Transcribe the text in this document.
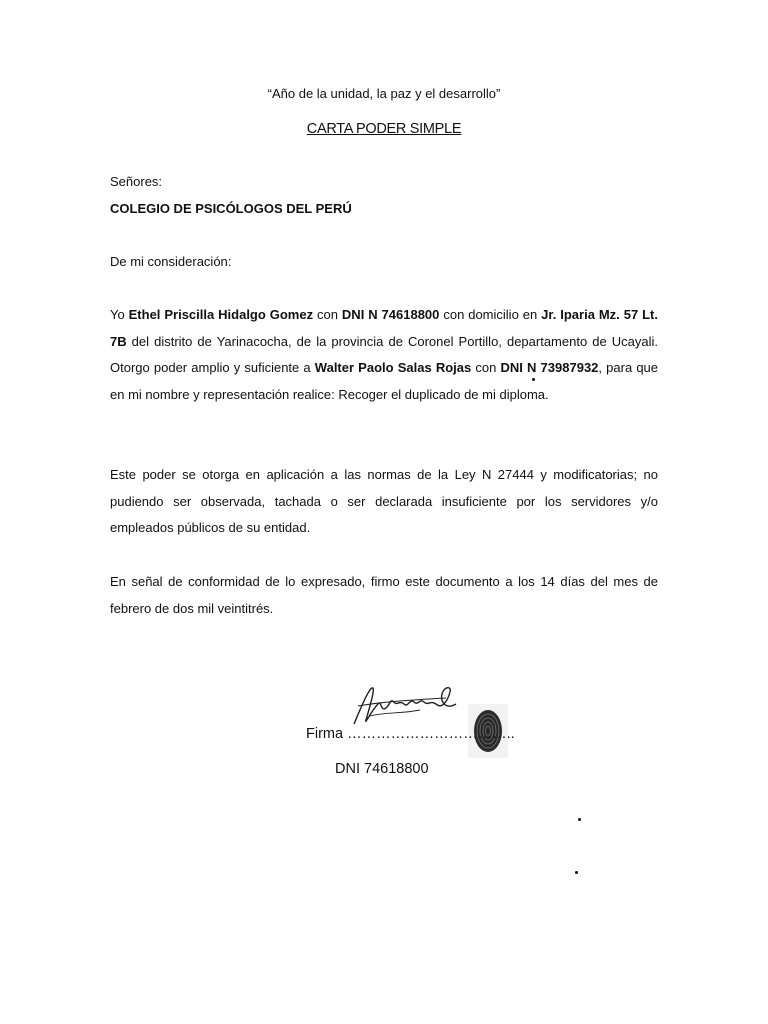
“Año de la unidad, la paz y el desarrollo”
CARTA PODER SIMPLE
Señores:
COLEGIO DE PSICÓLOGOS DEL PERÚ
De mi consideración:
Yo Ethel Priscilla Hidalgo Gomez con DNI N 74618800 con domicilio en Jr. Iparia Mz. 57 Lt. 7B del distrito de Yarinacocha, de la provincia de Coronel Portillo, departamento de Ucayali. Otorgo poder amplio y suficiente a Walter Paolo Salas Rojas con DNI N 73987932, para que en mi nombre y representación realice: Recoger el duplicado de mi diploma.
Este poder se otorga en aplicación a las normas de la Ley N 27444 y modificatorias; no pudiendo ser observada, tachada o ser declarada insuficiente por los servidores y/o empleados públicos de su entidad.
En señal de conformidad de lo expresado, firmo este documento a los 14 días del mes de febrero de dos mil veintitrés.
Firma ……………………………..
DNI 74618800
